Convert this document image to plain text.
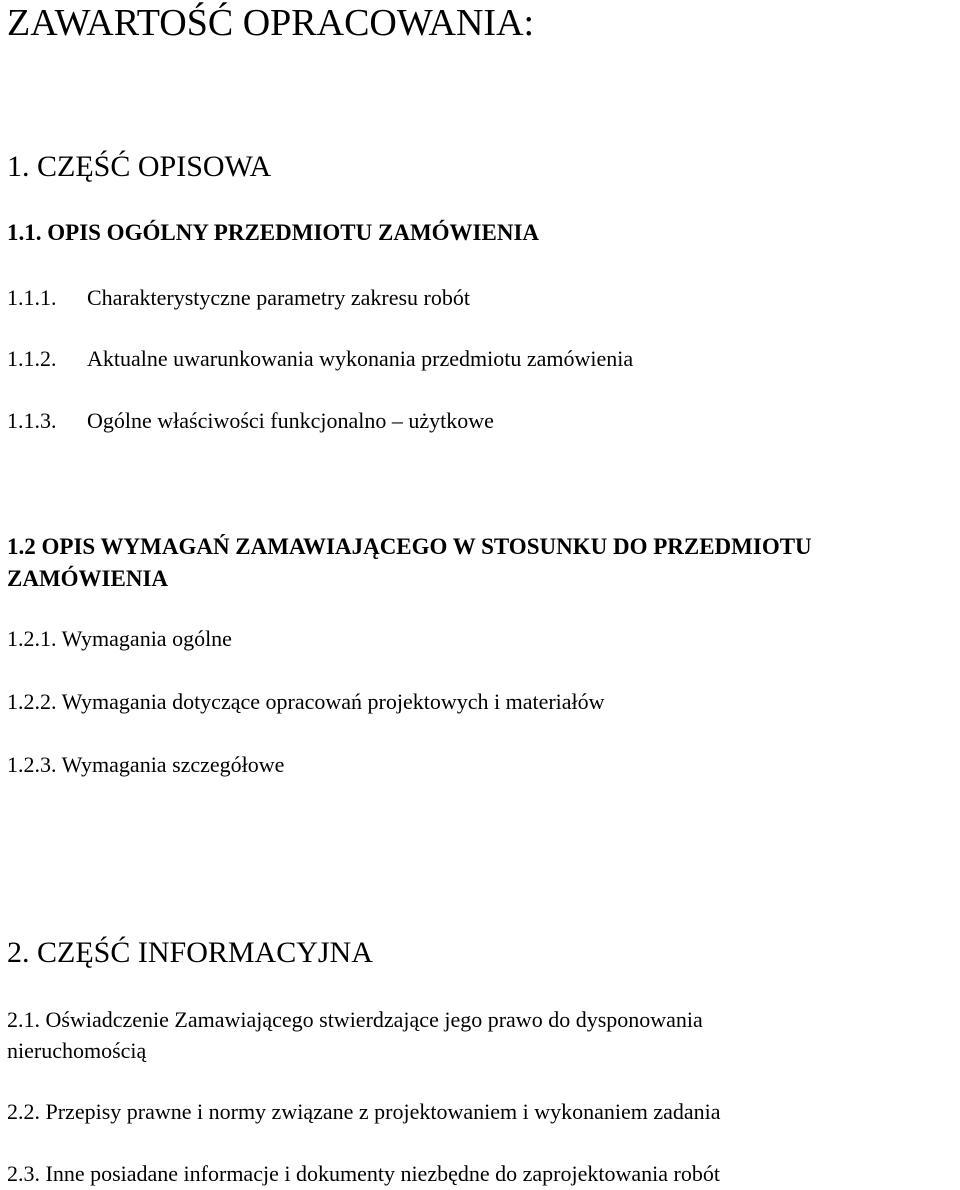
ZAWARTOŚĆ OPRACOWANIA:
1. CZĘŚĆ OPISOWA
1.1. OPIS OGÓLNY PRZEDMIOTU ZAMÓWIENIA
1.1.1. Charakterystyczne parametry zakresu robót
1.1.2. Aktualne uwarunkowania wykonania przedmiotu zamówienia
1.1.3. Ogólne właściwości funkcjonalno – użytkowe
1.2 OPIS WYMAGAŃ ZAMAWIAJĄCEGO W STOSUNKU DO PRZEDMIOTU
ZAMÓWIENIA
1.2.1. Wymagania ogólne
1.2.2. Wymagania dotyczące opracowań projektowych i materiałów
1.2.3. Wymagania szczegółowe
2. CZĘŚĆ INFORMACYJNA
2.1. Oświadczenie Zamawiającego stwierdzające jego prawo do dysponowania
nieruchomością
2.2. Przepisy prawne i normy związane z projektowaniem i wykonaniem zadania
2.3. Inne posiadane informacje i dokumenty niezbędne do zaprojektowania robót
